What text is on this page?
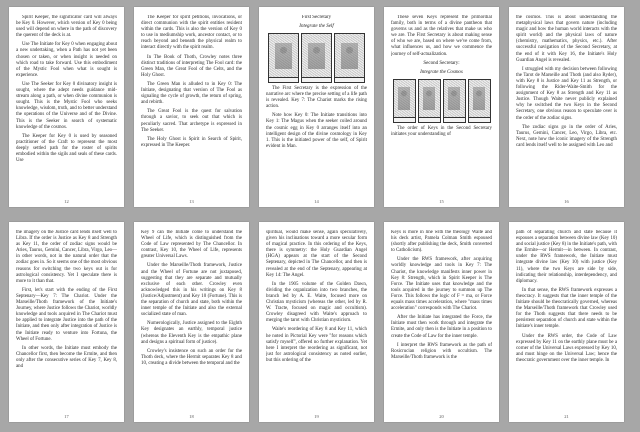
Spirit Keeper, the significator card will always be Key 0. However, which version of Key 0 being used will depend on where in the path of discovery the querent of the deck is at.

Use The Initiate for Key 0 when engaging about a new undertaking, when a Path has not yet been chosen or taken, or when insight is needed on which road to take forward. Use this embodiment of the Mystic Fool when what is sought is experience.

Use The Seeker for Key 0 divinatory insight is sought, where the adept needs guidance mid-stream along a path, or when divine communion is sought. This is the Mystic Fool who seeks knowledge, wisdom, truth, and to better understand the operations of the Universe and of the Divine. This is the Seeker in search of systematic knowledge of the cosmos.

The Keeper for Key 0 is used by seasoned practitioner of the Craft to represent the most deeply settled path for the roster of spirits embodied within the sigils and seals of these cards. Use

12

The Keeper for spirit petitions, invocations, or direct communion with the spirit entities resident within the cards. This is also the version of Key 0 to use in mediumship work, ancestor contact, or to reach beyond and beneath the physical realm to interact directly with the spirit realm.

In The Book of Thoth, Crowley notes three distinct traditions of interpreting The Fool card: the Green Man, the Great Fool of the Celts, and the Holy Ghost.

The Green Man is alluded to in Key 0: The Initiate, designating that version of The Fool as signaling the cycle of growth, the return of spring, and rebirth.

The Great Fool is the quest for salvation through a savior, to seek out that which is peculiarly sacred. That archetype is expressed in The Seeker.

The Holy Ghost is Spirit in Search of Spirit, expressed in The Keeper.

13

First Secretary

Integrate the Self

The First Secretary is the expression of the narrative arc where the precise setting of a life path is revealed. Key 7: The Chariot marks the rising action.

Note how Key 0: The Initiate transitions into Key 1: The Magus when the seeker coiled around the cosmic egg in Key 0 arranges itself into an intelligent design of the divine cosmology in Key 1. This is the initiated power of the self, of Spirit evident in Man.

14

These seven Keys represent the primordial family, both in terms of a divine pantheon that governs us and as the relatives that make us who we are. The First Secretary is about making sense of who we are, based on where we've come from, what influences us, and how we commence the journey of self-actualization.

Second Secretary:

Integrate the Cosmos

The order of Keys in the Second Secretary initiates your understanding of

15

the cosmos. This is about understanding the metaphysical laws that govern nature (including magic and how the human world interacts with the spirit world) and the physical laws of nature (chemistry, mathematics, physics, etc.). After successful navigation of the Second Secretary, at the end of it with Key 16, the Initiate's Holy Guardian Angel is revealed.

I struggled with my decision between following the Tarot de Marseille and Thoth (and also Ryder), with Key 8 is Justice and Key 11 as Strength, or following the Rider-Waite-Smith for the assignment of Key 8 as Strength and Key 11 as Justice. Though Waite never publicly explained why he switched the two Keys in the Second Secretary, one obvious reason to speculate over is the order of the zodiac signs.

The zodiac signs go in the order of Aries, Taurus, Gemini, Cancer, Leo, Virgo, Libra, etc. Next, note how the iconic imagery of the Strength card lends itself well to be assigned with Leo and

16

the imagery on the Justice card lends itself well to Libra. If the order is Justice as Key 8 and Strength as Key 11, the order of zodiac signs would be Aries, Taurus, Gemini, Cancer, Libra, Virgo, Leo—in other words, not in the natural order that the zodiac goes in. So it seems one of the most obvious reasons for switching the two keys out is for astrological consistency. Yet I speculate there is more to it than that.

First, let's start with the ending of the First Septenary—Key 7: The Chariot. Under the Marseille/Thoth framework of the Initiate's Journey, where Justice follows the Chariot, worldly knowledge and tools acquired in The Chariot must be applied to integrate Justice into the path of the Initiate, and then only after integration of Justice is the Initiate ready to venture into Fortuna, the Wheel of Fortune.

In other words, the Initiate must embody the Chancellor first, then become the Ermite, and then only after the consecutive series of Key 7, Key 8, and

17

Key 9 can the Initiate come to understand the Wheel of Life, which is distinguished from the Code of Law represented by The Chancellor. In contrast, Key 10, the Wheel of Life, represents greater Universal Laws.

Under the Marseille/Thoth framework, Justice and the Wheel of Fortune are not juxtaposed, suggesting that they are separate and mutually exclusive of each other. Crowley even acknowledged this in his writings on Key 8 (Justice/Adjustment) and Key 10 (Fortune). This is the separation of church and state, both within the inner temple of the Initiate and also the external socialized state of man.

Numerologically, Justice assigned to the Eighth Key designates an earthly, temporal justice (whereas the Eleventh Key is the empathic plane and designs a spiritual form of justice).

Crowley's insistence on such an order for the Thoth deck, where the Hermit separates Key 8 and 10, creating a divide between the temporal and the

18

spiritual, would make sense, again speculatively, given his inclinations toward a more secular form of magical practice. In this ordering of the Keys, there is symmetry: the Holy Guardian Angel (HGA) appears at the start of the Second Septenary, depicted in The Chancellor, and then is revealed at the end of the Septenary, appearing at Key 14: The Angel.

In the 1905 volume of the Golden Dawn, dividing the organization into two branches, the branch led by A. E. Waite, focused more on Christian mysticism (whereas the other, led by R. W. Tracte, focused on magic and occultism). Crowley disagreed with Waite's approach to merging the tarot with Christian mysticism.

Waite's reordering of Key 8 and Key 11, which he noted in Pictorial Key were "for reasons which satisfy myself", offered no further explanation. Yet here I interpret the reordering as significant, not just for astrological consistency as noted earlier, but this ordering of the

19

Keys is more in line with the theology Waite and his deck artist, Pamela Colman Smith espoused (shortly after publishing the deck, Smith converted to Catholicism).

Under the RWS framework, after acquiring worldly knowledge and tools in Key 7: The Chariot, the knowledge manifests inner power in Key 8: Strength, which in Spirit Keeper is The Force. The Initiate uses that knowledge and the tools acquired in the journey to summon up The Force. This follows the logic of F = ma, or Force equals mass times acceleration, where "mass times acceleration" corresponds with The Chariot.

After the Initiate has integrated the Force, the Initiate must then work through and integrate the Ermite, and only then is the Initiate in a position to create the Code of Law for the inner temple.

I interpret the RWS framework as the path of Rosicrucian religion with occultism. The Marseille/Thoth framework is the

20

path of separating church and state because it espouses a separation between divine law (Key 10) and social justice (Key 8) in the Initiate's path, with the Ermite—or Hermit—in between. In contrast, under the RWS framework, the Initiate must integrate divine law (Key 10) with justice (Key 11), where the two Keys are side by side, indicating their relationship, interdependency, and diplomacy.

In that sense, the RWS framework expresses a theocracy. It suggests that the inner temple of the Initiate should be theocratically governed, whereas the Marseille/Thoth framework that Crowley used for the Thoth suggests that there needs to be persistent separation of church and state within the Initiate's inner temple.

Under the RWS order, the Code of Law expressed by Key 11 on the earthly plane must be a corner of the Universal Laws expressed by Key 10, and must hinge on the Universal Law; hence the theocratic government over the inner temple. In

21
